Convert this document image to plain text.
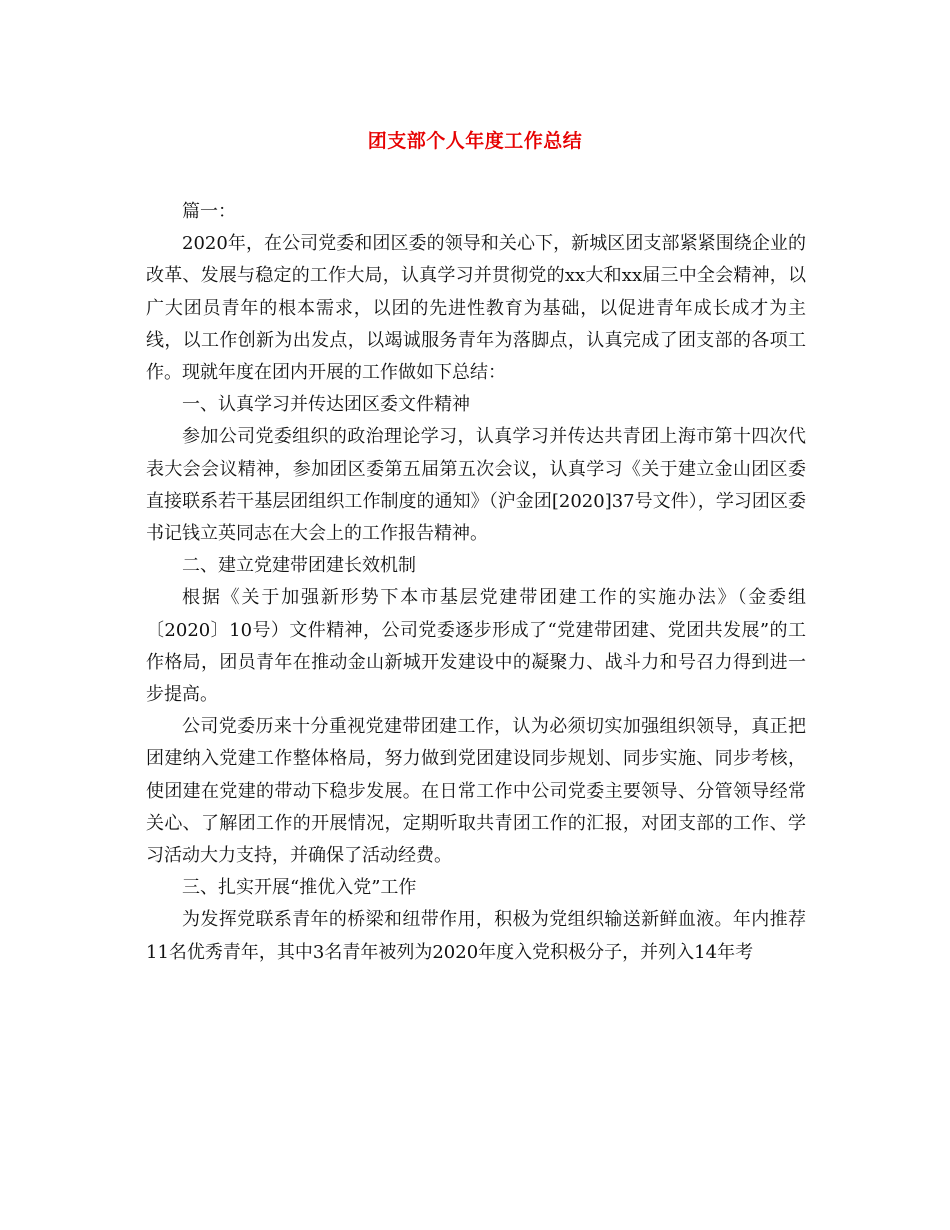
团支部个人年度工作总结

篇一：

2020年，在公司党委和团区委的领导和关心下，新城区团支部紧紧围绕企业的改革、发展与稳定的工作大局，认真学习并贯彻党的xx大和xx届三中全会精神，以广大团员青年的根本需求，以团的先进性教育为基础，以促进青年成长成才为主线，以工作创新为出发点，以竭诚服务青年为落脚点，认真完成了团支部的各项工作。现就年度在团内开展的工作做如下总结：

一、认真学习并传达团区委文件精神

参加公司党委组织的政治理论学习，认真学习并传达共青团上海市第十四次代表大会会议精神，参加团区委第五届第五次会议，认真学习《关于建立金山团区委直接联系若干基层团组织工作制度的通知》（沪金团[2020]37号文件），学习团区委书记钱立英同志在大会上的工作报告精神。

二、建立党建带团建长效机制

根据《关于加强新形势下本市基层党建带团建工作的实施办法》（金委组〔2020〕10号）文件精神，公司党委逐步形成了“党建带团建、党团共发展”的工作格局，团员青年在推动金山新城开发建设中的凝聚力、战斗力和号召力得到进一步提高。

公司党委历来十分重视党建带团建工作，认为必须切实加强组织领导，真正把团建纳入党建工作整体格局，努力做到党团建设同步规划、同步实施、同步考核，使团建在党建的带动下稳步发展。在日常工作中公司党委主要领导、分管领导经常关心、了解团工作的开展情况，定期听取共青团工作的汇报，对团支部的工作、学习活动大力支持，并确保了活动经费。

三、扎实开展“推优入党”工作

为发挥党联系青年的桥梁和纽带作用，积极为党组织输送新鲜血液。年内推荐11名优秀青年，其中3名青年被列为2020年度入党积极分子，并列入14年考
